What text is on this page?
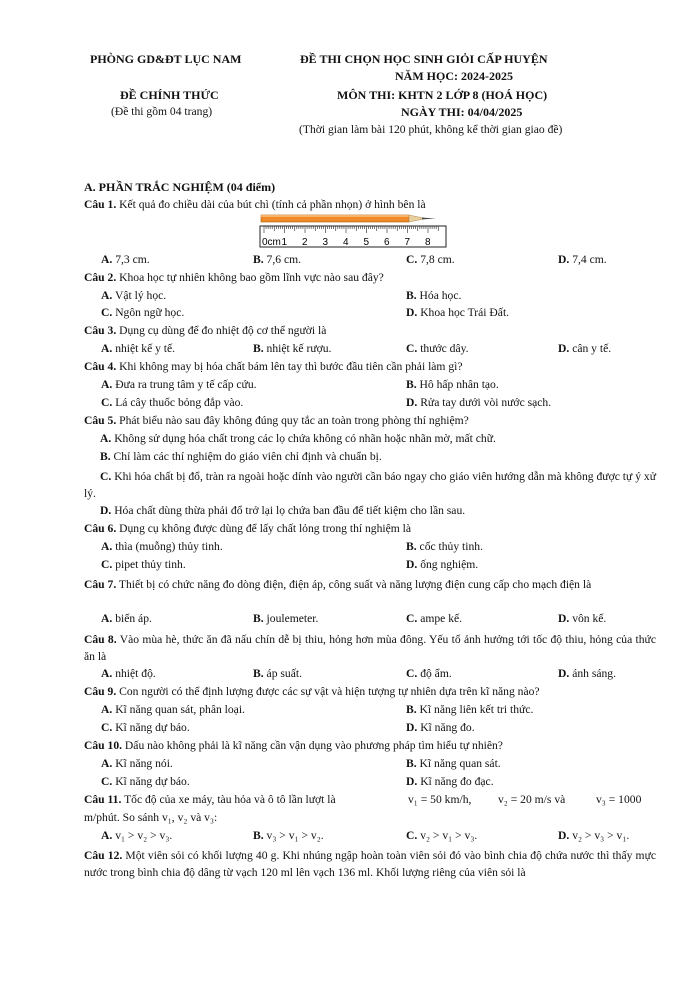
PHÒNG GD&ĐT LỤC NAM	ĐỀ THI CHỌN HỌC SINH GIỎI CẤP HUYỆN
NĂM HỌC: 2024-2025
ĐỀ CHÍNH THỨC	MÔN THI: KHTN 2 LỚP 8 (HOÁ HỌC)
(Đề thi gồm 04 trang)	NGÀY THI: 04/04/2025
(Thời gian làm bài 120 phút, không kể thời gian giao đề)
A. PHẦN TRẮC NGHIỆM (04 điểm)
Câu 1. Kết quả đo chiều dài của bút chì (tính cả phần nhọn) ở hình bên là
0cm 1 2 3 4 5 6 7 8
A. 7,3 cm.	B. 7,6 cm.	C. 7,8 cm.	D. 7,4 cm.
Câu 2. Khoa học tự nhiên không bao gồm lĩnh vực nào sau đây?
A. Vật lý học.	B. Hóa học.
C. Ngôn ngữ học.	D. Khoa học Trái Đất.
Câu 3. Dụng cụ dùng để đo nhiệt độ cơ thể người là
A. nhiệt kế y tế.	B. nhiệt kế rượu.	C. thước dây.	D. cân y tế.
Câu 4. Khi không may bị hóa chất bám lên tay thì bước đầu tiên cần phải làm gì?
A. Đưa ra trung tâm y tế cấp cứu.	B. Hô hấp nhân tạo.
C. Lá cây thuốc bỏng đắp vào.	D. Rửa tay dưới vòi nước sạch.
Câu 5. Phát biểu nào sau đây không đúng quy tắc an toàn trong phòng thí nghiệm?
A. Không sử dụng hóa chất trong các lọ chứa không có nhãn hoặc nhãn mờ, mất chữ.
B. Chỉ làm các thí nghiệm do giáo viên chỉ định và chuẩn bị.
C. Khi hóa chất bị đổ, tràn ra ngoài hoặc dính vào người cần báo ngay cho giáo viên hướng dẫn mà không được tự ý xử lý.
D. Hóa chất dùng thừa phải đổ trở lại lọ chứa ban đầu để tiết kiệm cho lần sau.
Câu 6. Dụng cụ không được dùng để lấy chất lỏng trong thí nghiệm là
A. thìa (muỗng) thủy tinh.	B. cốc thủy tinh.
C. pipet thủy tinh.	D. ống nghiệm.
Câu 7. Thiết bị có chức năng đo dòng điện, điện áp, công suất và năng lượng điện cung cấp cho mạch điện là
A. biến áp.	B. joulemeter.	C. ampe kế.	D. vôn kế.
Câu 8. Vào mùa hè, thức ăn đã nấu chín dễ bị thiu, hỏng hơn mùa đông. Yếu tố ảnh hưởng tới tốc độ thiu, hỏng của thức ăn là
A. nhiệt độ.	B. áp suất.	C. độ ẩm.	D. ánh sáng.
Câu 9. Con người có thể định lượng được các sự vật và hiện tượng tự nhiên dựa trên kĩ năng nào?
A. Kĩ năng quan sát, phân loại.	B. Kĩ năng liên kết tri thức.
C. Kĩ năng dự báo.	D. Kĩ năng đo.
Câu 10. Dấu nào không phải là kĩ năng cần vận dụng vào phương pháp tìm hiểu tự nhiên?
A. Kĩ năng nói.	B. Kĩ năng quan sát.
C. Kĩ năng dự báo.	D. Kĩ năng đo đạc.
Câu 11. Tốc độ của xe máy, tàu hỏa và ô tô lần lượt là	v₁ = 50 km/h, v₂ = 20 m/s và	v₃ = 1000
m/phút. So sánh v₁, v₂ và v₃:
A. v₁ > v₂ > v₃.	B. v₃ > v₁ > v₂.	C. v₂ > v₁ > v₃.	D. v₂ > v₃ > v₁.
Câu 12. Một viên sỏi có khối lượng 40 g. Khi nhúng ngập hoàn toàn viên sỏi đó vào bình chia độ chứa nước thì thấy mực nước trong bình chia độ dâng từ vạch 120 ml lên vạch 136 ml. Khối lượng riêng của viên sỏi là
